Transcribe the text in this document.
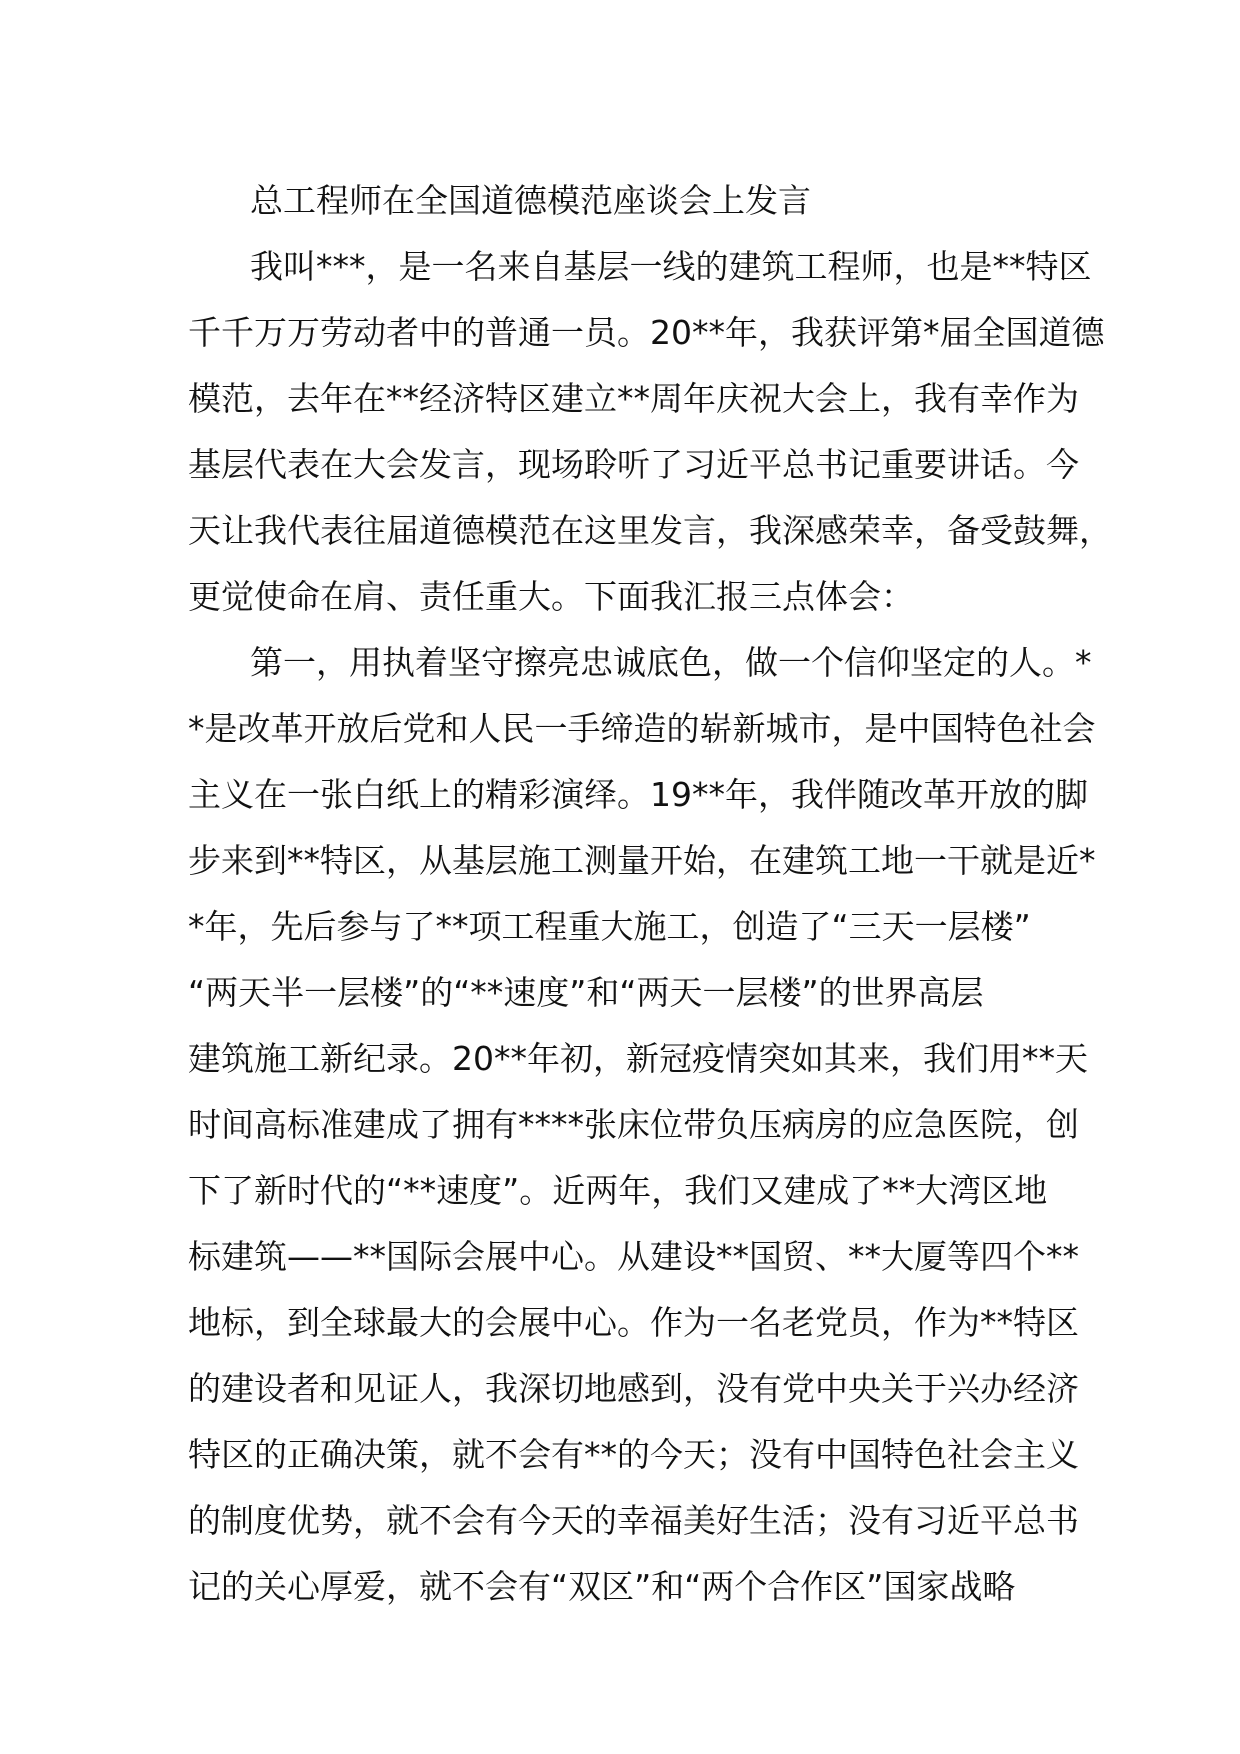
总工程师在全国道德模范座谈会上发言
我叫***，是一名来自基层一线的建筑工程师，也是**特区
千千万万劳动者中的普通一员。20**年，我获评第*届全国道德
模范，去年在**经济特区建立**周年庆祝大会上，我有幸作为
基层代表在大会发言，现场聆听了习近平总书记重要讲话。今
天让我代表往届道德模范在这里发言，我深感荣幸，备受鼓舞，
更觉使命在肩、责任重大。下面我汇报三点体会：
第一，用执着坚守擦亮忠诚底色，做一个信仰坚定的人。*
*是改革开放后党和人民一手缔造的崭新城市，是中国特色社会
主义在一张白纸上的精彩演绎。19**年，我伴随改革开放的脚
步来到**特区，从基层施工测量开始，在建筑工地一干就是近*
*年，先后参与了**项工程重大施工，创造了“三天一层楼”
“两天半一层楼”的“**速度”和“两天一层楼”的世界高层
建筑施工新纪录。20**年初，新冠疫情突如其来，我们用**天
时间高标准建成了拥有****张床位带负压病房的应急医院，创
下了新时代的“**速度”。近两年，我们又建成了**大湾区地
标建筑——**国际会展中心。从建设**国贸、**大厦等四个**
地标，到全球最大的会展中心。作为一名老党员，作为**特区
的建设者和见证人，我深切地感到，没有党中央关于兴办经济
特区的正确决策，就不会有**的今天；没有中国特色社会主义
的制度优势，就不会有今天的幸福美好生活；没有习近平总书
记的关心厚爱，就不会有“双区”和“两个合作区”国家战略
